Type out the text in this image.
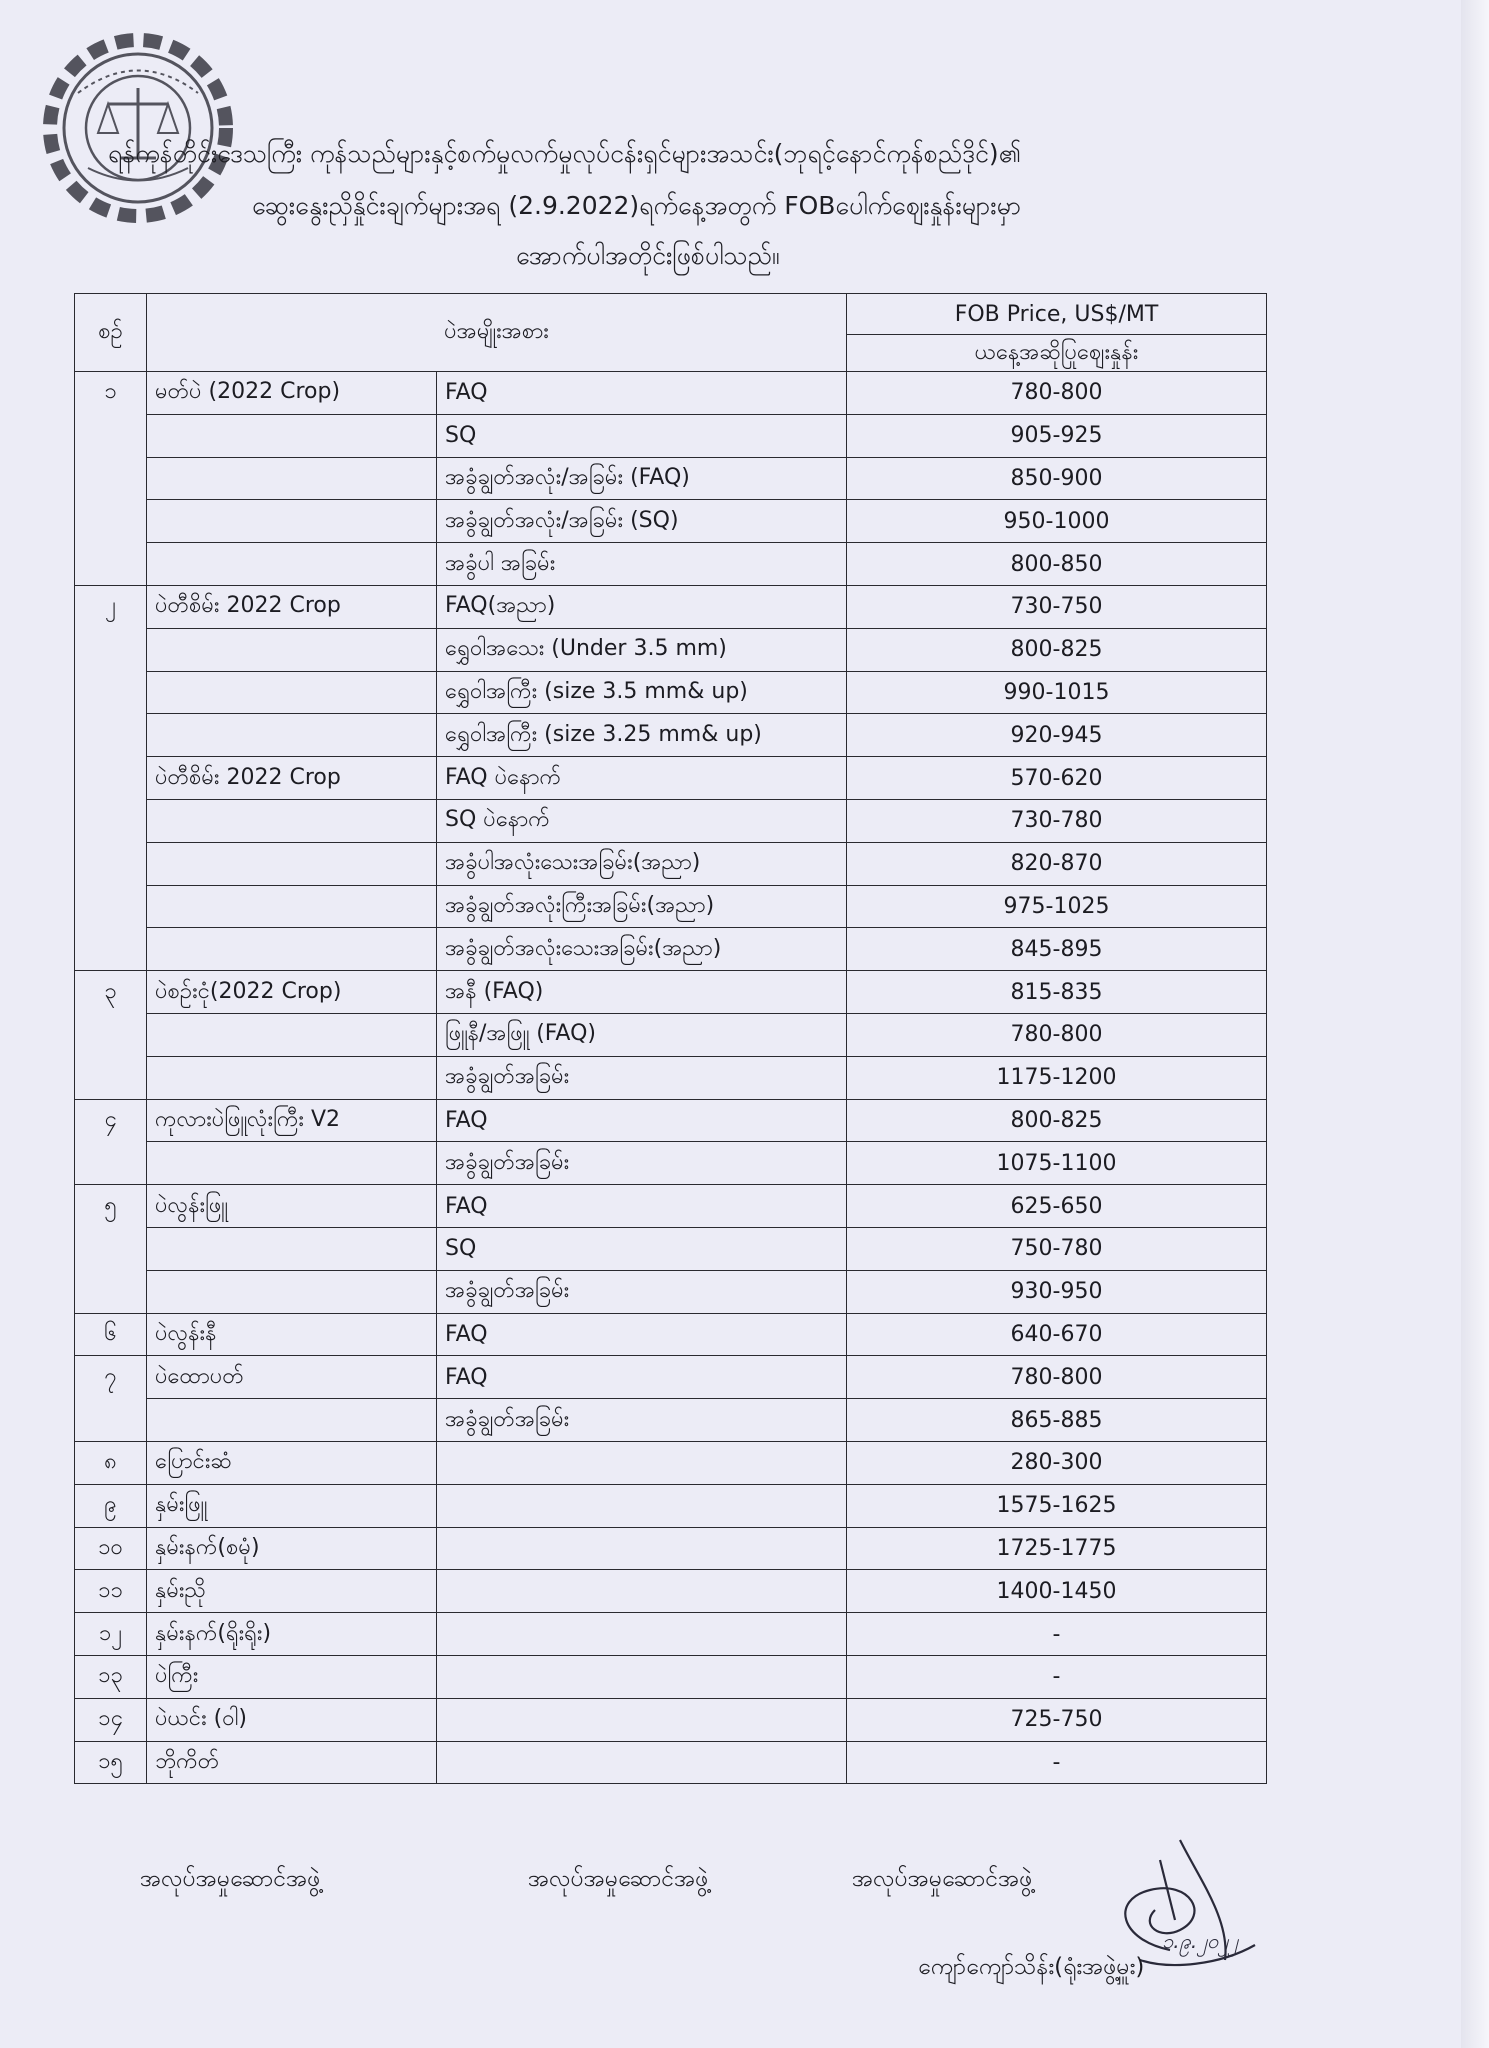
ရန်ကုန်တိုင်းဒေသကြီး ကုန်သည်များနှင့်စက်မှုလက်မှုလုပ်ငန်းရှင်များအသင်း(ဘုရင့်နောင်ကုန်စည်ဒိုင်)၏
ဆွေးနွေးညှိနှိုင်းချက်များအရ (2.9.2022)ရက်နေ့အတွက် FOBပေါက်ဈေးနှုန်းများမှာ
အောက်ပါအတိုင်းဖြစ်ပါသည်။
စဉ်	ပဲအမျိုးအစား		FOB Price, US$/MT
			ယနေ့အဆိုပြုဈေးနှုန်း
၁	မတ်ပဲ (2022 Crop)	FAQ	780-800
		SQ	905-925
		အခွံချွတ်အလုံး/အခြမ်း (FAQ)	850-900
		အခွံချွတ်အလုံး/အခြမ်း (SQ)	950-1000
		အခွံပါ အခြမ်း	800-850
၂	ပဲတီစိမ်း 2022 Crop	FAQ(အညာ)	730-750
		ရွှေဝါအသေး (Under 3.5 mm)	800-825
		ရွှေဝါအကြီး (size 3.5 mm& up)	990-1015
		ရွှေဝါအကြီး (size 3.25 mm& up)	920-945
	ပဲတီစိမ်း 2022 Crop	FAQ ပဲနောက်	570-620
		SQ ပဲနောက်	730-780
		အခွံပါအလုံးသေးအခြမ်း(အညာ)	820-870
		အခွံချွတ်အလုံးကြီးအခြမ်း(အညာ)	975-1025
		အခွံချွတ်အလုံးသေးအခြမ်း(အညာ)	845-895
၃	ပဲစဉ်းငုံ(2022 Crop)	အနီ (FAQ)	815-835
		ဖြူနီ/အဖြူ (FAQ)	780-800
		အခွံချွတ်အခြမ်း	1175-1200
၄	ကုလားပဲဖြူလုံးကြီး V2	FAQ	800-825
		အခွံချွတ်အခြမ်း	1075-1100
၅	ပဲလွန်းဖြူ	FAQ	625-650
		SQ	750-780
		အခွံချွတ်အခြမ်း	930-950
၆	ပဲလွန်းနီ	FAQ	640-670
၇	ပဲထောပတ်	FAQ	780-800
		အခွံချွတ်အခြမ်း	865-885
၈	ပြောင်းဆံ		280-300
၉	နှမ်းဖြူ		1575-1625
၁၀	နှမ်းနက်(စမုံ)		1725-1775
၁၁	နှမ်းညို		1400-1450
၁၂	နှမ်းနက်(ရိုးရိုး)		-
၁၃	ပဲကြီး		-
၁၄	ပဲယင်း (ဝါ)		725-750
၁၅	ဘိုကိတ်		-
အလုပ်အမှုဆောင်အဖွဲ့	အလုပ်အမှုဆောင်အဖွဲ့	အလုပ်အမှုဆောင်အဖွဲ့
၁.၉.၂၀၂၂
ကျော်ကျော်သိန်း(ရုံးအဖွဲ့မှူး)
